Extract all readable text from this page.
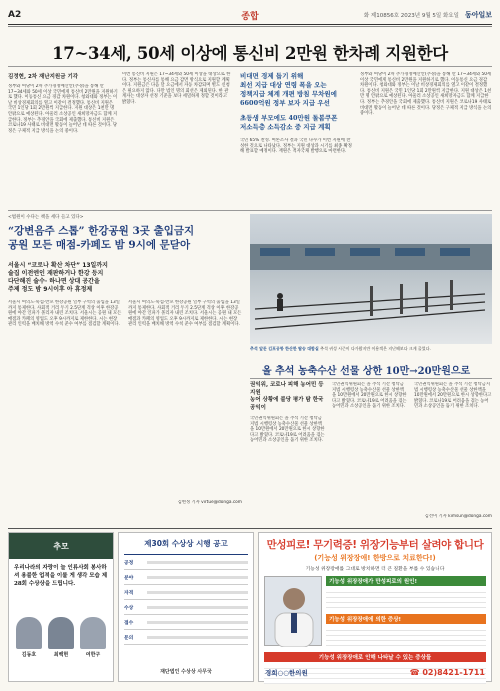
A2	종합	화 제10856호 2023년 9월 5일 화요일 동아일보
17~34세, 50세 이상에 통신비 2만원 한차례 지원한다
김정현, 2차 재난지원금 기각
정부와 여당이 2차 추가경정예산안(추경)을 통해 만 17~34세와 50세 이상 국민에게 통신비 2만원을 지원하기로 했다. 이동통신 요금 경감 차원이다. 청와대와 정부는 이날 비상경제회의를 열고 이같이 결정했다. 통신비 지원은 국민 1인당 1회 2만원씩 지급한다. 지원 대상은 1천만 명 안팎으로 예상된다. 아울러 소상공인 새희망자금도 함께 지급한다. 정부는 추경안을 국회에 제출했다. 통신비 지원은 코로나19 사태로 비대면 활동이 늘어난 데 따른 것이다. 당정은 구체적 지급 방식을 논의 중이다.
이번 통신비 지원은 17~34세와 50세 이상을 대상으로 한다. 정부는 통신사를 통해 요금 감면 방식으로 지원할 계획이다. 지원금은 다음 달 요금에서 자동 차감되며 별도 신청은 필요하지 않다. 다만 법인 명의 회선은 제외된다. 한 관계자는 대상자 선정 기준을 보다 세밀하게 정할 것이라고 밝혔다.
비대면 경제 돕기 위해
최선 지급 대상 연령 폭을 오는
정책지급 체계 개편 방침 무차원에
6600억원 정부 보자 지급 우선
초등생 부모에도 40만원 돌봄쿠폰
저소득층 소득감소 중 지급 계획
국민 65% 찬성. 여론조사 결과 국민 다수가 이번 지원에 찬성한 것으로 나타났다. 정부는 지원 대상과 시기를 최종 확정해 발표할 예정이다. 재원은 적자국채 발행으로 마련한다.
정부와 여당이 2차 추가경정예산안(추경)을 통해 만 17~34세와 50세 이상 국민에게 통신비 2만원을 지원하기로 했다. 이동통신 요금 경감 차원이다. 청와대와 정부는 이날 비상경제회의를 열고 이같이 결정했다. 통신비 지원은 국민 1인당 1회 2만원씩 지급한다. 지원 대상은 1천만 명 안팎으로 예상된다. 아울러 소상공인 새희망자금도 함께 지급한다. 정부는 추경안을 국회에 제출했다. 통신비 지원은 코로나19 사태로 비대면 활동이 늘어난 데 따른 것이다. 당정은 구체적 지급 방식을 논의 중이다.
<법원이 수다는 책을 세다 들고 있다>
“강변음주 스톱” 한강공원 3곳 출입금지
공원 모든 매점-카페도 밤 9시에 문닫아
서울시 “코로나 확산 차단” 13일까지
술집 이전엔인 재판하거나 한강 등지
다단해진 술수· 하나면 상대 공간을
주제 정도 밤 9시이후 아 휴정제
서울시 여의도·뚝섬·반포 한강공원 일부 구역의 출입을 13일까지 통제한다. 사회적 거리 두기 2.5단계 격상 이후 한강공원에 야간 인파가 몰리자 내린 조치다. 서울시는 공원 내 모든 매점과 카페의 영업도 오후 9시까지로 제한한다. 시는 현장 관리 인력을 배치해 방역 수칙 준수 여부를 점검할 계획이다.
서울시 여의도·뚝섬·반포 한강공원 일부 구역의 출입을 13일까지 통제한다. 사회적 거리 두기 2.5단계 격상 이후 한강공원에 야간 인파가 몰리자 내린 조치다. 서울시는 공원 내 모든 매점과 카페의 영업도 오후 9시까지로 제한한다. 시는 현장 관리 인력을 배치해 방역 수칙 준수 여부를 점검할 계획이다.
김현정 기자 virtue@donga.com
추석 앞둔 김포공항 한산한 탑승 대합실 추석 귀성 시즌이 다가왔지만 이용객은 지난해보다 크게 줄었다.
올 추석 농축수산 선물 상한 10만→20만원으로
권익위, 코로나 피해 농어민 등 지원
농어 상황에 불당 평가 탐 한국 공익이
국민권익위원회는 올 추석 기간 청탁금지법 시행령상 농축수산물 선물 상한액을 10만원에서 20만원으로 한시 상향한다고 밝혔다. 코로나19로 어려움을 겪는 농어민과 소상공인을 돕기 위한 조치다.
국민권익위원회는 올 추석 기간 청탁금지법 시행령상 농축수산물 선물 상한액을 10만원에서 20만원으로 한시 상향한다고 밝혔다. 코로나19로 어려움을 겪는 농어민과 소상공인을 돕기 위한 조치다.
국민권익위원회는 올 추석 기간 청탁금지법 시행령상 농축수산물 선물 상한액을 10만원에서 20만원으로 한시 상향한다고 밝혔다. 코로나19로 어려움을 겪는 농어민과 소상공인을 돕기 위한 조치다.
김선미 기자 kimsun@donga.com
추모
우리나라의 자랑이 늘 인류사회 봉사하셔 용불한 업적을 이룰 게 생각 모습 제28회 수상상을 드립니다.
김동호	최백현	여한구
제30회 수상상 시행 공고
공정
분야
자격
수상
접수
문의
재단법인 수상상 사무국
만성피로! 무기력증! 위장기능부터 살려야 합니다
(기능성 위장장애! 한방으로 치료한다!)
기능성 위장장애를 그대로 방치하면 더 큰 질환을 부를 수 있습니다
기능성 위장장애가 만성피로의 원인!
기능성 위장장애에 의한 증상!
기능성 위장장애로 인해 나타날 수 있는 증상들
경희○○한의원	☎ 02)8421-1711
